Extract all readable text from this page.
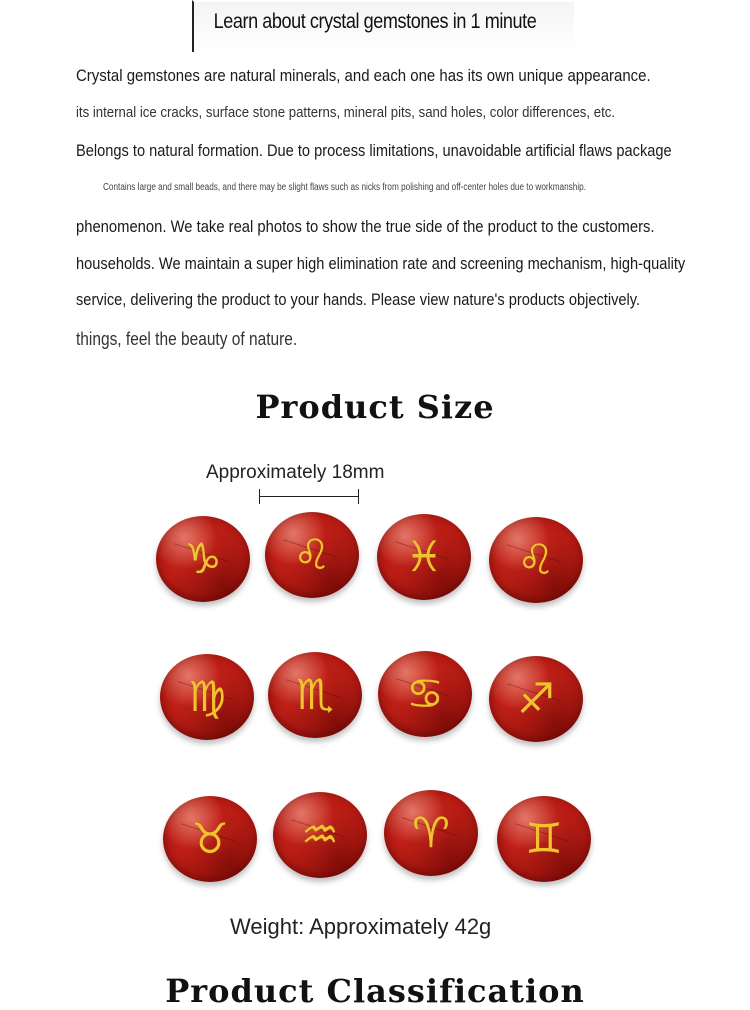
Learn about crystal gemstones in 1 minute
Crystal gemstones are natural minerals, and each one has its own unique appearance.
its internal ice cracks, surface stone patterns, mineral pits, sand holes, color differences, etc.
Belongs to natural formation. Due to process limitations, unavoidable artificial flaws package
Contains large and small beads, and there may be slight flaws such as nicks from polishing and off-center holes due to workmanship.
phenomenon. We take real photos to show the true side of the product to the customers.
households. We maintain a super high elimination rate and screening mechanism, high-quality
service, delivering the product to your hands. Please view nature's products objectively.
things, feel the beauty of nature.
Product Size
Approximately 18mm
♑ ♌ ♓ ♌
♍ ♏ ♋ ♐
♉ ♒ ♈ ♊
Weight: Approximately 42g
Product Classification
